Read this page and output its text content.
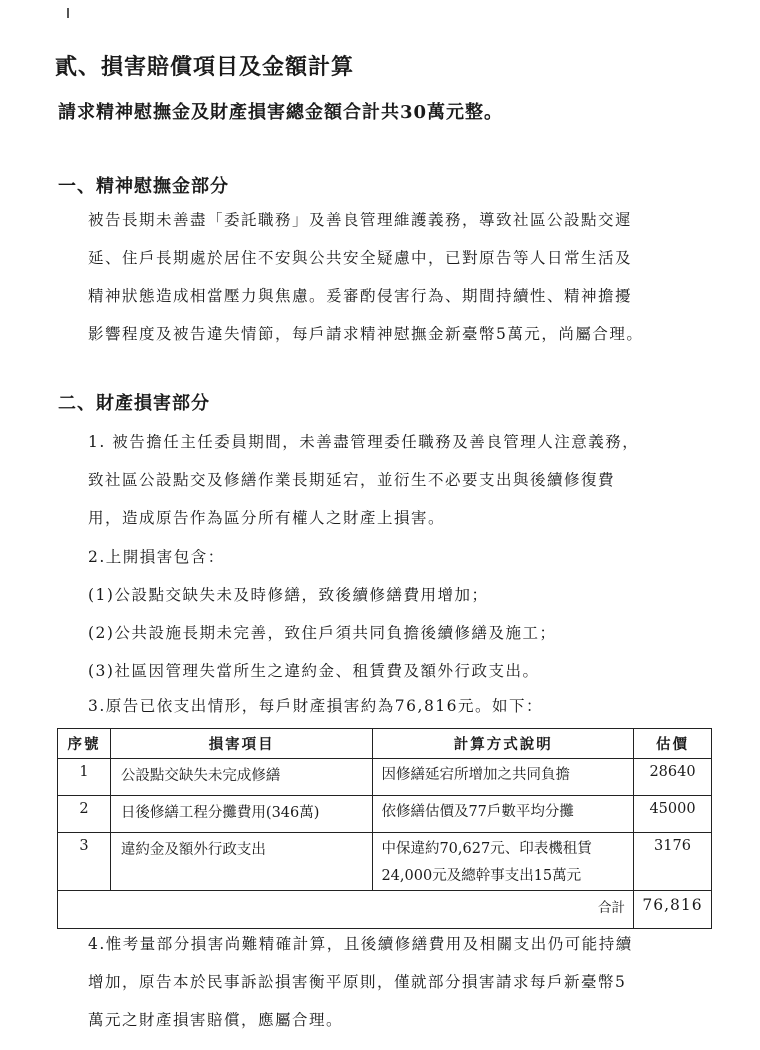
貳、損害賠償項目及金額計算
請求精神慰撫金及財產損害總金額合計共30萬元整。
一、精神慰撫金部分

被告長期未善盡「委託職務」及善良管理維護義務，導致社區公設點交遲

延、住戶長期處於居住不安與公共安全疑慮中，已對原告等人日常生活及

精神狀態造成相當壓力與焦慮。爰審酌侵害行為、期間持續性、精神擔擾

影響程度及被告違失情節，每戶請求精神慰撫金新臺幣5萬元，尚屬合理。

二、財產損害部分

1. 被告擔任主任委員期間，未善盡管理委任職務及善良管理人注意義務，

致社區公設點交及修繕作業長期延宕，並衍生不必要支出與後續修復費

用，造成原告作為區分所有權人之財產上損害。

2.上開損害包含：

(1)公設點交缺失未及時修繕，致後續修繕費用增加；

(2)公共設施長期未完善，致住戶須共同負擔後續修繕及施工；

(3)社區因管理失當所生之違約金、租賃費及額外行政支出。

3.原告已依支出情形，每戶財產損害約為76,816元。如下：

序號	損害項目	計算方式說明	估價
1	公設點交缺失未完成修繕	因修繕延宕所增加之共同負擔	28640
2	日後修繕工程分攤費用(346萬)	依修繕估價及77戶數平均分攤	45000
3	違約金及額外行政支出	中保違約70,627元、印表機租賃
24,000元及總幹事支出15萬元	3176
合計			76,816

4.惟考量部分損害尚難精確計算，且後續修繕費用及相關支出仍可能持續

增加，原告本於民事訴訟損害衡平原則，僅就部分損害請求每戶新臺幣5

萬元之財產損害賠償，應屬合理。
